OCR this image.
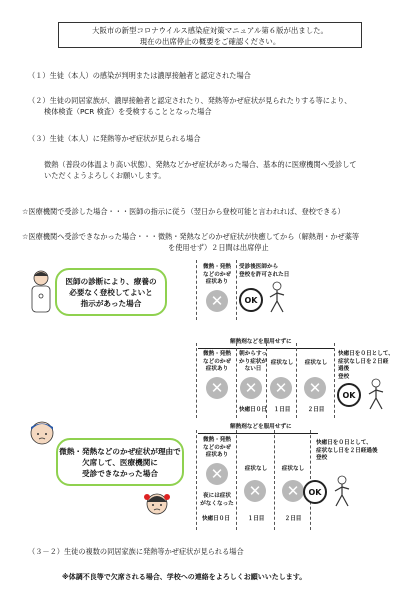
大阪市の新型コロナウイルス感染症対策マニュアル第６版が出ました。
現在の出席停止の概要をご確認ください。
（１）生徒（本人）の感染が判明または濃厚接触者と認定された場合
（２）生徒の同居家族が、濃厚接触者と認定されたり、発熱等かぜ症状が見られたりする等により、
検体検査（PCR 検査）を受検することとなった場合
（３）生徒（本人）に発熱等かぜ症状が見られる場合
微熱（普段の体温より高い状態）、発熱などかぜ症状があった場合、基本的に医療機関へ受診して
いただくようよろしくお願いします。
☆医療機関で受診した場合・・・医師の指示に従う（翌日から登校可能と言われれば、登校できる）
☆医療機関へ受診できなかった場合・・・微熱・発熱などのかぜ症状が快癒してから（解熱剤・かぜ薬等
を使用せず）２日間は出席停止
医師の診断により、療養の
必要なく登校してよいと
指示があった場合
微熱・発熱
などのかぜ
症状あり
受診後医師から
登校を許可された日
✕	OK
解熱剤などを服用せずに
微熱・発熱
などのかぜ
症状あり
朝からすっ
かり症状が
ない日
症状なし	症状なし
✕	✕	✕	✕
快癒日０日	１日目	２日目
快癒日を０日として、
症状なし日を２日経
過後
登校
OK
微熱・発熱などのかぜ症状が理由で
欠席して、医療機関に
受診できなかった場合
解熱剤などを服用せずに
微熱・発熱
などのかぜ
症状あり
✕	症状なし
✕
症状なし
✕
夜には症状
がなくなった
快癒日０日	１日目	２日目
快癒日を０日として、
症状なし日を２日経過後
登校
OK
（３－２）生徒の複数の同居家族に発熱等かぜ症状が見られる場合
※体調不良等で欠席される場合、学校への連絡をよろしくお願いいたします。
